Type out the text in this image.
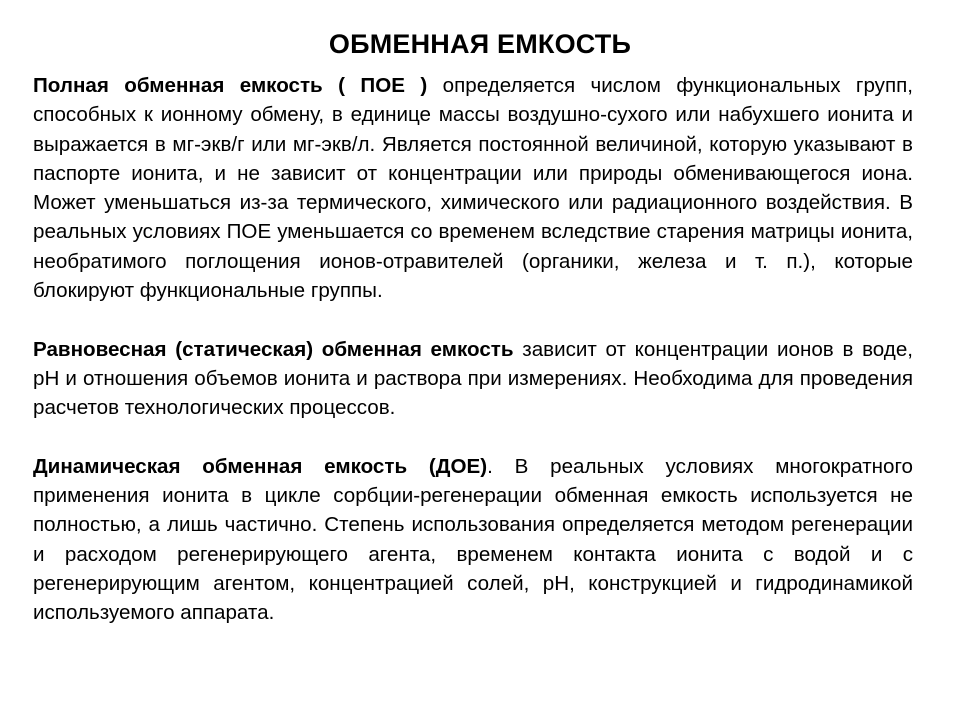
ОБМЕННАЯ ЕМКОСТЬ

Полная обменная емкость ( ПОЕ ) определяется числом функциональных групп, способных к ионному обмену, в единице массы воздушно-сухого или набухшего ионита и выражается в мг-экв/г или мг-экв/л. Является постоянной величиной, которую указывают в паспорте ионита, и не зависит от концентрации или природы обменивающегося иона. Может уменьшаться из-за термического, химического или радиационного воздействия. В реальных условиях ПОЕ уменьшается со временем вследствие старения матрицы ионита, необратимого поглощения ионов-отравителей (органики, железа и т. п.), которые блокируют функциональные группы.

Равновесная (статическая) обменная емкость зависит от концентрации ионов в воде, рН и отношения объемов ионита и раствора при измерениях. Необходима для проведения расчетов технологических процессов.

Динамическая обменная емкость (ДОЕ). В реальных условиях многократного применения ионита в цикле сорбции-регенерации обменная емкость используется не полностью, а лишь частично. Степень использования определяется методом регенерации и расходом регенерирующего агента, временем контакта ионита с водой и с регенерирующим агентом, концентрацией солей, рН, конструкцией и гидродинамикой используемого аппарата.
